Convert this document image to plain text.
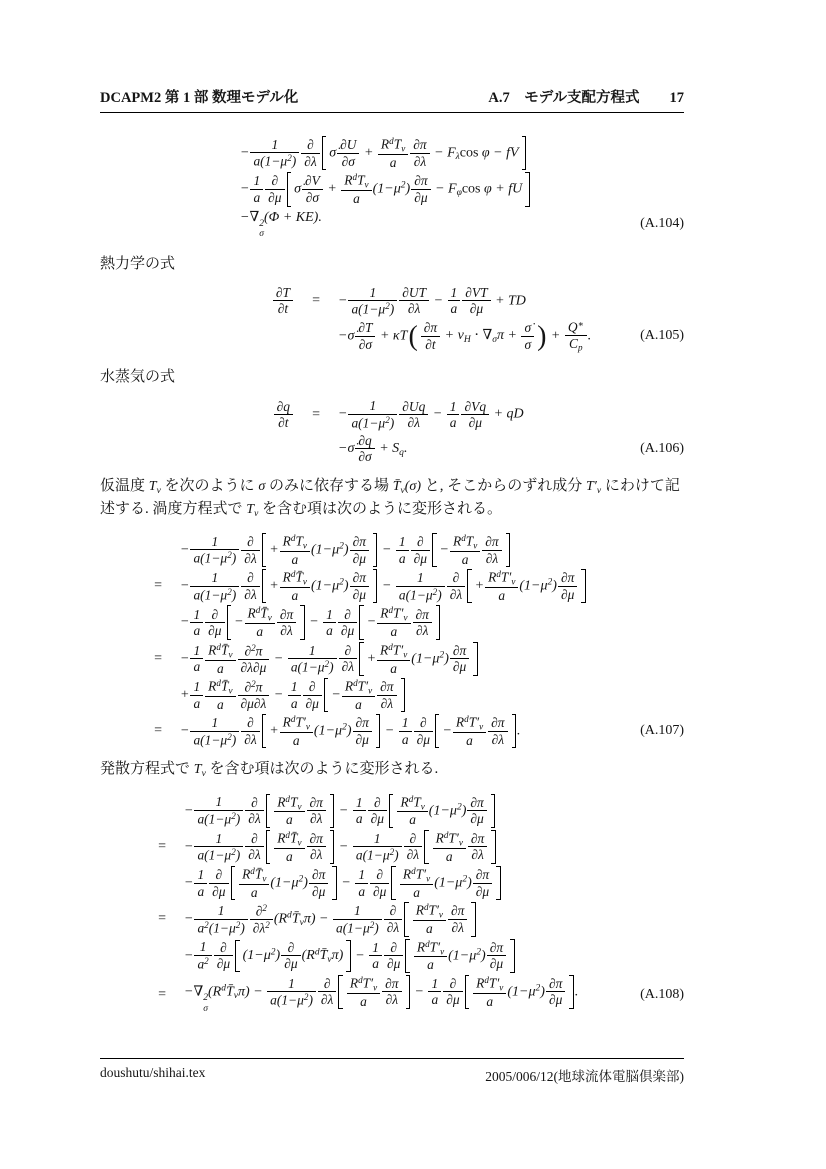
DCAPM2 第 1 部 数理モデル化	A.7　モデル支配方程式 17
− $\frac{1}{a(1-\mu^2)}$ ∂
∂λ
σ̇ $\frac{\partial U}{\partial\sigma}$ +
$R^dT_v$
a	$\frac{\partial\pi}{\partial\lambda} - F_\lambda\cos$ φ − fV
− $\frac{1}{a}$ ∂
∂μ
σ̇ $\frac{\partial V}{\partial\sigma}$ +
$R^dT_v$
a
$(1-\mu^2) \frac{\partial\pi}{\partial\mu} - F_\varphi\cos$ φ + fU
−∇ 2
σ
(Φ + KE).	(A.104)
熱力学の式
∂T
∂t
=	− $\frac{1}{a(1-\mu^2)} \frac{\partial UT}{\partial\lambda} - \frac{1}{a} \frac{\partial VT}{\partial\mu}$ + TD
−σ̇ $\frac{\partial T}{\partial\sigma} + \kappa T$ ( $\frac{\partial\pi}{\partial t} + v_H \cdot \nabla_\sigma\pi + \frac{\sigmȧ}{\sigma}$ ) + $\frac{Q^∗}{C_p}$ .	(A.105)
水蒸気の式
∂q
∂t
=	− $\frac{1}{a(1-\mu^2)} \frac{\partial Uq}{\partial\lambda} - \frac{1}{a} \frac{\partial Vq}{\partial\mu}$ + qD
−σ̇ $\frac{\partial q}{\partial\sigma} + S_q$.	(A.106)
仮温度 $T_v$ を次のように σ のみに依存する場 $T̄_v(\sigma)$ と, そこからのずれ成分 $T'_v$ にわけて記述する. 渦度方程式で $T_v$ を含む項は次のように変形される。
− $\frac{1}{a(1-\mu^2)}$ ∂
∂λ
+
$R^dT_v$
a
$(1-\mu^2) \frac{\partial\pi}{\partial\mu} - \frac{1}{a}$ ∂
∂μ
−
$R^dT_v$
a	$\frac{\partial\pi}{\partial\lambda}$
=	− $\frac{1}{a(1-\mu^2)}$ ∂
∂λ
+
$R^dT̄_v$
a
$(1-\mu^2) \frac{\partial\pi}{\partial\mu} - \frac{1}{a(1-\mu^2)}$ ∂
∂λ
+
$R^dT'_v$
a
$(1-\mu^2) \frac{\partial\pi}{\partial\mu}$
− $\frac{1}{a}$ ∂
∂μ
−
$R^dT̄_v$
a	$\frac{\partial\pi}{\partial\lambda} - \frac{1}{a}$ ∂
∂μ
−
$R^dT'_v$
a	$\frac{\partial\pi}{\partial\lambda}$
=	− $\frac{1}{a}$ $R^dT̄_v$
a	$\frac{\partial^2\pi}{\partial\lambda\partial\mu} - \frac{1}{a(1-\mu^2)}$ ∂
∂λ
+
$R^dT'_v$
a
$(1-\mu^2) \frac{\partial\pi}{\partial\mu}$
+ $\frac{1}{a}$ $R^dT̄_v$
a	$\frac{\partial^2\pi}{\partial\mu\partial\lambda} - \frac{1}{a}$ ∂
∂μ
−
$R^dT'_v$
a	$\frac{\partial\pi}{\partial\lambda}$
=	− $\frac{1}{a(1-\mu^2)}$ ∂
∂λ
+
$R^dT'_v$
a
$(1-\mu^2) \frac{\partial\pi}{\partial\mu} - \frac{1}{a}$ ∂
∂μ
−
$R^dT'_v$
a	$\frac{\partial\pi}{\partial\lambda}$ .	(A.107)
発散方程式で $T_v$ を含む項は次のように変形される.
− $\frac{1}{a(1-\mu^2)}$ ∂
∂λ
$R^dT_v$
a	$\frac{\partial\pi}{\partial\lambda} - \frac{1}{a}$ ∂
∂μ
$R^dT_v$
a
$(1-\mu^2) \frac{\partial\pi}{\partial\mu}$
=	− $\frac{1}{a(1-\mu^2)}$ ∂
∂λ
$R^dT̄_v$
a	$\frac{\partial\pi}{\partial\lambda} - \frac{1}{a(1-\mu^2)}$ ∂
∂λ
$R^dT'_v$
a	$\frac{\partial\pi}{\partial\lambda}$
− $\frac{1}{a}$ ∂
∂μ
$R^dT̄_v$
a
$(1-\mu^2) \frac{\partial\pi}{\partial\mu} - \frac{1}{a}$ ∂
∂μ
$R^dT'_v$
a
$(1-\mu^2) \frac{\partial\pi}{\partial\mu}$
=	− $\frac{1}{a^2(1-\mu^2)} \frac{\partial^2}{\partial\lambda^2}$ $(R^dT̄_v\pi) - \frac{1}{a(1-\mu^2)}$ ∂
∂λ
$R^dT'_v$
a	$\frac{\partial\pi}{\partial\lambda}$
− $\frac{1}{a^2}$ ∂
∂μ
$(1-\mu^2)$
∂
∂μ
$(R^dT̄_v\pi) - \frac{1}{a}$ ∂
∂μ
$R^dT'_v$
a
$(1-\mu^2) \frac{\partial\pi}{\partial\mu}$
=	−∇ 2
σ
$(R^dT̄_v\pi) - \frac{1}{a(1-\mu^2)}$ ∂
∂λ
$R^dT'_v$
a	$\frac{\partial\pi}{\partial\lambda} - \frac{1}{a}$ ∂
∂μ
$R^dT'_v$
a
$(1-\mu^2) \frac{\partial\pi}{\partial\mu}$ .	(A.108)
doushutu/shihai.tex	2005/006/12(地球流体電脳倶楽部)
